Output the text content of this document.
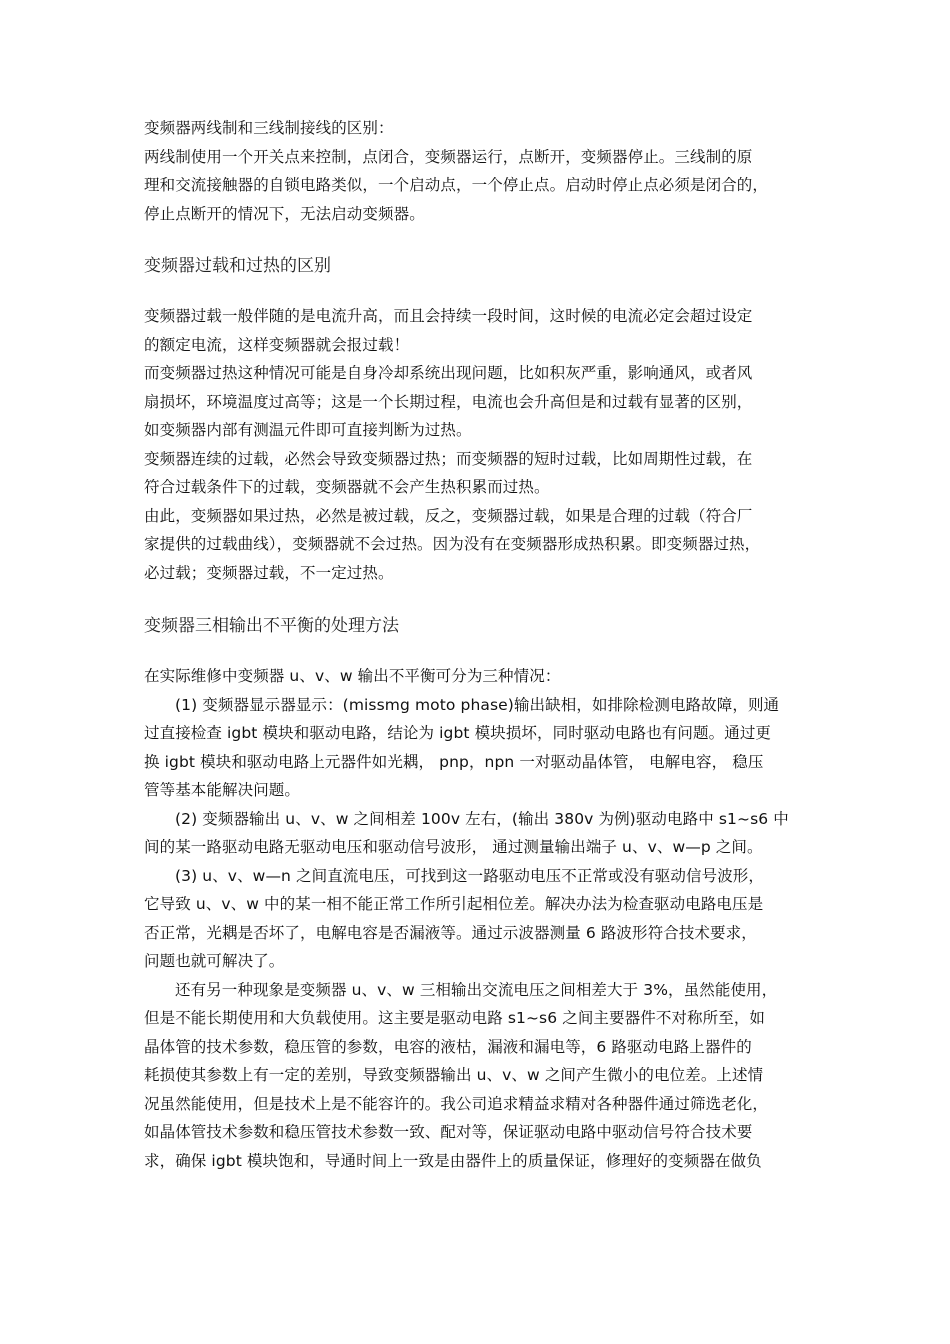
变频器两线制和三线制接线的区别：
两线制使用一个开关点来控制，点闭合，变频器运行，点断开，变频器停止。三线制的原
理和交流接触器的自锁电路类似，一个启动点，一个停止点。启动时停止点必须是闭合的，
停止点断开的情况下，无法启动变频器。
变频器过载和过热的区别
变频器过载一般伴随的是电流升高，而且会持续一段时间，这时候的电流必定会超过设定
的额定电流，这样变频器就会报过载！
而变频器过热这种情况可能是自身冷却系统出现问题，比如积灰严重，影响通风，或者风
扇损坏，环境温度过高等；这是一个长期过程，电流也会升高但是和过载有显著的区别，
如变频器内部有测温元件即可直接判断为过热。
变频器连续的过载，必然会导致变频器过热；而变频器的短时过载，比如周期性过载，在
符合过载条件下的过载，变频器就不会产生热积累而过热。
由此，变频器如果过热，必然是被过载，反之，变频器过载，如果是合理的过载（符合厂
家提供的过载曲线），变频器就不会过热。因为没有在变频器形成热积累。即变频器过热，
必过载；变频器过载，不一定过热。
变频器三相输出不平衡的处理方法
在实际维修中变频器 u、v、w 输出不平衡可分为三种情况：
(1) 变频器显示器显示：(missmg moto phase)输出缺相，如排除检测电路故障，则通
过直接检查 igbt 模块和驱动电路，结论为 igbt 模块损坏，同时驱动电路也有问题。通过更
换 igbt 模块和驱动电路上元器件如光耦， pnp，npn 一对驱动晶体管， 电解电容， 稳压
管等基本能解决问题。
(2) 变频器输出 u、v、w 之间相差 100v 左右，(输出 380v 为例)驱动电路中 s1~s6 中
间的某一路驱动电路无驱动电压和驱动信号波形， 通过测量输出端子 u、v、w—p 之间。
(3) u、v、w—n 之间直流电压，可找到这一路驱动电压不正常或没有驱动信号波形，
它导致 u、v、w 中的某一相不能正常工作所引起相位差。解决办法为检查驱动电路电压是
否正常，光耦是否坏了，电解电容是否漏液等。通过示波器测量 6 路波形符合技术要求，
问题也就可解决了。
还有另一种现象是变频器 u、v、w 三相输出交流电压之间相差大于 3%，虽然能使用，
但是不能长期使用和大负载使用。这主要是驱动电路 s1~s6 之间主要器件不对称所至，如
晶体管的技术参数，稳压管的参数，电容的液枯，漏液和漏电等，6 路驱动电路上器件的
耗损使其参数上有一定的差别，导致变频器输出 u、v、w 之间产生微小的电位差。上述情
况虽然能使用，但是技术上是不能容许的。我公司追求精益求精对各种器件通过筛选老化，
如晶体管技术参数和稳压管技术参数一致、配对等，保证驱动电路中驱动信号符合技术要
求，确保 igbt 模块饱和，导通时间上一致是由器件上的质量保证，修理好的变频器在做负
